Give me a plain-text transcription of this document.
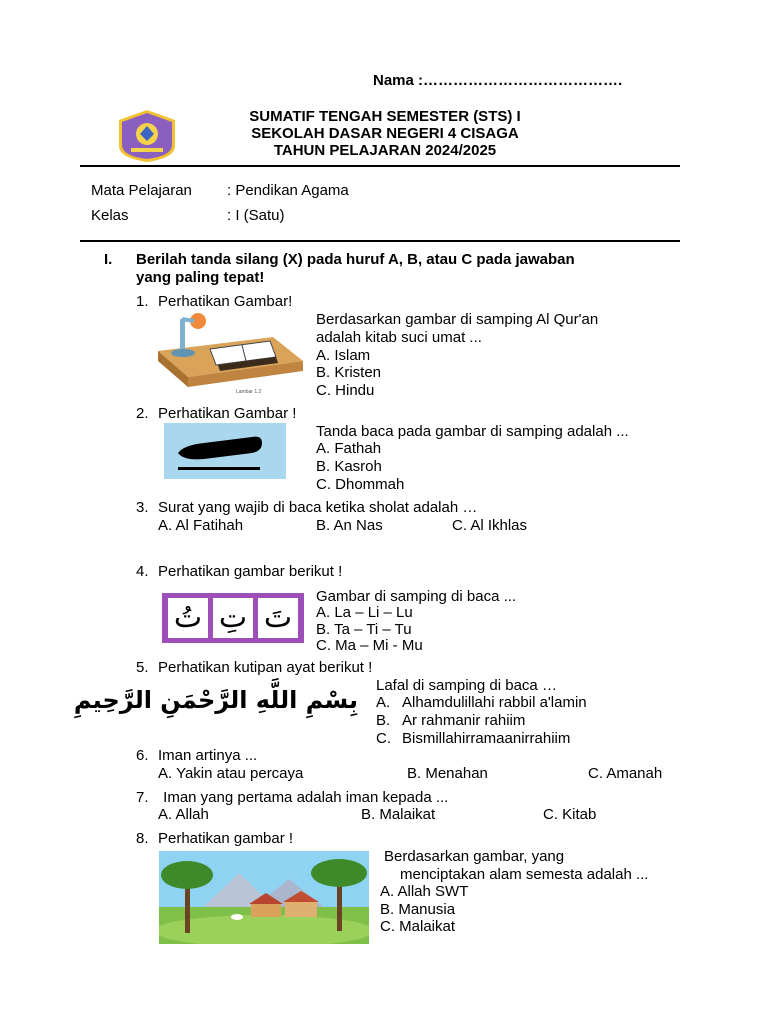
Nama :………………………………….
SUMATIF TENGAH SEMESTER (STS) I
SEKOLAH DASAR NEGERI 4 CISAGA
TAHUN PELAJARAN 2024/2025
Mata Pelajaran : Pendikan Agama
Kelas	: I (Satu)
I. Berilah tanda silang (X) pada huruf A, B, atau C pada jawaban
yang paling tepat!
1. Perhatikan Gambar!
Lambar 1.2
Berdasarkan gambar di samping Al Qur'an
adalah kitab suci umat ...
A. Islam
B. Kristen
C. Hindu
2. Perhatikan Gambar !
Tanda baca pada gambar di samping adalah ...
A. Fathah
B. Kasroh
C. Dhommah
3. Surat yang wajib di baca ketika sholat adalah …
A. Al Fatihah	B. An Nas	C. Al Ikhlas
4. Perhatikan gambar berikut !
تُ تِ تَ
Gambar di samping di baca ...
A. La – Li – Lu
B. Ta – Ti – Tu
C. Ma – Mi - Mu
5. Perhatikan kutipan ayat berikut !
بِسْمِ اللَّهِ الرَّحْمَنِ الرَّحِيمِ
Lafal di samping di baca …
A. Alhamdulillahi rabbil a'lamin
B. Ar rahmanir rahiim
C. Bismillahirramaanirrahiim
6. Iman artinya ...
A. Yakin atau percaya	B. Menahan	C. Amanah
7. Iman yang pertama adalah iman kepada ...
A. Allah	B. Malaikat	C. Kitab
8. Perhatikan gambar !
Berdasarkan gambar, yang
menciptakan alam semesta adalah ...
A. Allah SWT
B. Manusia
C. Malaikat
